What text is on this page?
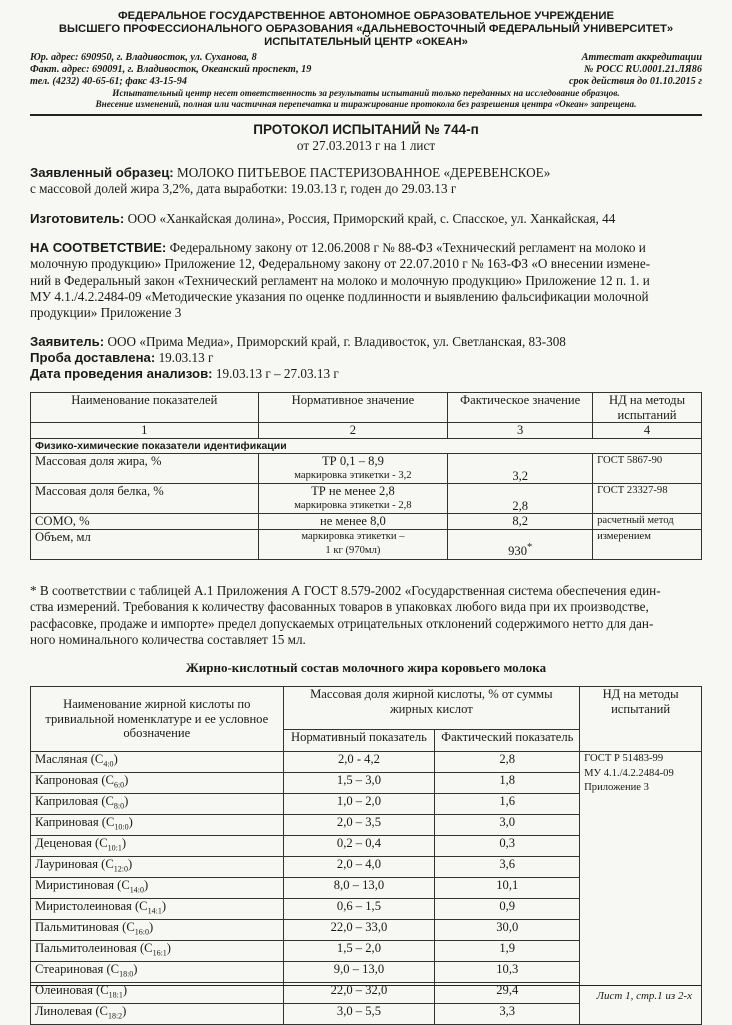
ФЕДЕРАЛЬНОЕ ГОСУДАРСТВЕННОЕ АВТОНОМНОЕ ОБРАЗОВАТЕЛЬНОЕ УЧРЕЖДЕНИЕ
ВЫСШЕГО ПРОФЕССИОНАЛЬНОГО ОБРАЗОВАНИЯ «ДАЛЬНЕВОСТОЧНЫЙ ФЕДЕРАЛЬНЫЙ УНИВЕРСИТЕТ»
ИСПЫТАТЕЛЬНЫЙ ЦЕНТР «ОКЕАН»
Юр. адрес: 690950, г. Владивосток, ул. Суханова, 8
Факт. адрес: 690091, г. Владивосток, Океанский проспект, 19
тел. (4232) 40-65-61; факс 43-15-94
Аттестат аккредитации
№ РОСС RU.0001.21.ЛЯ86
срок действия до 01.10.2015 г
Испытательный центр несет ответственность за результаты испытаний только переданных на исследование образцов.
Внесение изменений, полная или частичная перепечатка и тиражирование протокола без разрешения центра «Океан» запрещена.
ПРОТОКОЛ ИСПЫТАНИЙ № 744-п
от 27.03.2013 г на 1 лист
Заявленный образец: МОЛОКО ПИТЬЕВОЕ ПАСТЕРИЗОВАННОЕ «ДЕРЕВЕНСКОЕ»
с массовой долей жира 3,2%, дата выработки: 19.03.13 г, годен до 29.03.13 г
Изготовитель: ООО «Ханкайская долина», Россия, Приморский край, с. Спасское, ул. Ханкайская, 44
НА СООТВЕТСТВИЕ: Федеральному закону от 12.06.2008 г № 88-ФЗ «Технический регламент на молоко и
молочную продукцию» Приложение 12, Федеральному закону от 22.07.2010 г № 163-ФЗ «О внесении измене-
ний в Федеральный закон «Технический регламент на молоко и молочную продукцию» Приложение 12 п. 1. и
МУ 4.1./4.2.2484-09 «Методические указания по оценке подлинности и выявлению фальсификации молочной
продукции» Приложение 3
Заявитель: ООО «Прима Медиа», Приморский край, г. Владивосток, ул. Светланская, 83-308
Проба доставлена: 19.03.13 г
Дата проведения анализов: 19.03.13 г – 27.03.13 г
Наименование показателей	Нормативное значение	Фактическое значение	НД на методы испытаний
1	2	3	4
Физико-химические показатели идентификации			
Массовая доля жира, %	ТР 0,1 – 8,9
маркировка этикетки - 3,2	3,2	ГОСТ 5867-90
Массовая доля белка, %	ТР не менее 2,8
маркировка этикетки - 2,8	2,8	ГОСТ 23327-98
СОМО, %	не менее 8,0	8,2	расчетный метод
Объем, мл	маркировка этикетки –
1 кг (970мл)	930*	измерением
* В соответствии с таблицей А.1 Приложения А ГОСТ 8.579-2002 «Государственная система обеспечения един-
ства измерений. Требования к количеству фасованных товаров в упаковках любого вида при их производстве,
расфасовке, продаже и импорте» предел допускаемых отрицательных отклонений содержимого нетто для дан-
ного номинального количества составляет 15 мл.
Жирно-кислотный состав молочного жира коровьего молока
Наименование жирной кислоты по тривиальной номенклатуре и ее условное обозначение	Массовая доля жирной кислоты, % от суммы жирных кислот		НД на методы испытаний
	Нормативный показатель	Фактический показатель	
Масляная $(С_{4:0})$	2,0 - 4,2	2,8	ГОСТ Р 51483-99
МУ 4.1./4.2.2484-09
Приложение 3

Капроновая $(С_{6:0})$	1,5 – 3,0	1,8	
Каприловая $(С_{8:0})$	1,0 – 2,0	1,6	
Каприновая $(С_{10:0})$	2,0 – 3,5	3,0	
Деценовая $(С_{10:1})$	0,2 – 0,4	0,3	
Лауриновая $(С_{12:0})$	2,0 – 4,0	3,6	
Миристиновая $(С_{14:0})$	8,0 – 13,0	10,1	
Миристолеиновая $(С_{14:1})$	0,6 – 1,5	0,9	
Пальмитиновая $(С_{16:0})$	22,0 – 33,0	30,0	
Пальмитолеиновая $(С_{16:1})$	1,5 – 2,0	1,9	
Стеариновая $(С_{18:0})$	9,0 – 13,0	10,3	
Олеиновая $(С_{18:1})$	22,0 – 32,0	29,4	
Линолевая $(С_{18:2})$	3,0 – 5,5	3,3	
Лист 1, стр.1 из 2-х
